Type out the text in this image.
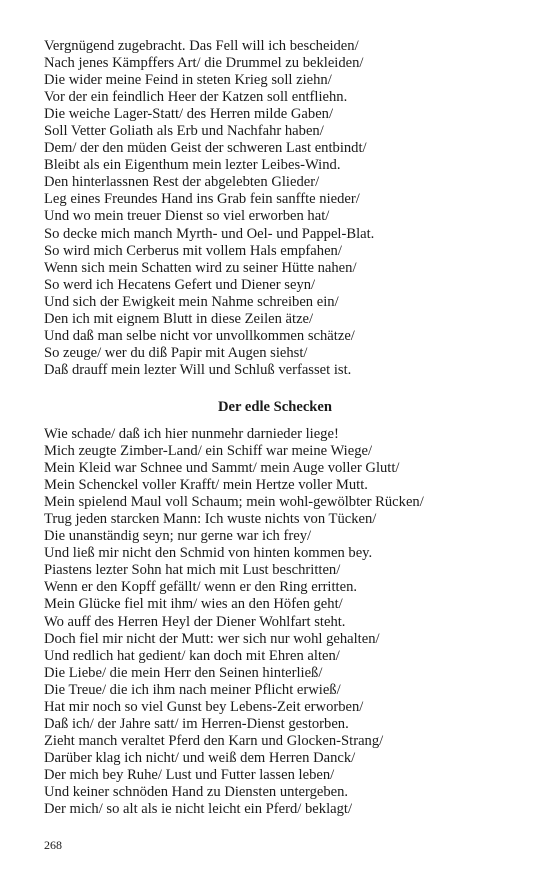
Vergnügend zugebracht. Das Fell will ich bescheiden/
Nach jenes Kämpffers Art/ die Drummel zu bekleiden/
Die wider meine Feind in steten Krieg soll ziehn/
Vor der ein feindlich Heer der Katzen soll entfliehn.
Die weiche Lager-Statt/ des Herren milde Gaben/
Soll Vetter Goliath als Erb und Nachfahr haben/
Dem/ der den müden Geist der schweren Last entbindt/
Bleibt als ein Eigenthum mein lezter Leibes-Wind.
Den hinterlassnen Rest der abgelebten Glieder/
Leg eines Freundes Hand ins Grab fein sanffte nieder/
Und wo mein treuer Dienst so viel erworben hat/
So decke mich manch Myrth- und Oel- und Pappel-Blat.
So wird mich Cerberus mit vollem Hals empfahen/
Wenn sich mein Schatten wird zu seiner Hütte nahen/
So werd ich Hecatens Gefert und Diener seyn/
Und sich der Ewigkeit mein Nahme schreiben ein/
Den ich mit eignem Blutt in diese Zeilen ätze/
Und daß man selbe nicht vor unvollkommen schätze/
So zeuge/ wer du diß Papir mit Augen siehst/
Daß drauff mein lezter Will und Schluß verfasset ist.
Der edle Schecken
Wie schade/ daß ich hier nunmehr darnieder liege!
Mich zeugte Zimber-Land/ ein Schiff war meine Wiege/
Mein Kleid war Schnee und Sammt/ mein Auge voller Glutt/
Mein Schenckel voller Krafft/ mein Hertze voller Mutt.
Mein spielend Maul voll Schaum; mein wohl-gewölbter Rücken/
Trug jeden starcken Mann: Ich wuste nichts von Tücken/
Die unanständig seyn; nur gerne war ich frey/
Und ließ mir nicht den Schmid von hinten kommen bey.
Piastens lezter Sohn hat mich mit Lust beschritten/
Wenn er den Kopff gefällt/ wenn er den Ring erritten.
Mein Glücke fiel mit ihm/ wies an den Höfen geht/
Wo auff des Herren Heyl der Diener Wohlfart steht.
Doch fiel mir nicht der Mutt: wer sich nur wohl gehalten/
Und redlich hat gedient/ kan doch mit Ehren alten/
Die Liebe/ die mein Herr den Seinen hinterließ/
Die Treue/ die ich ihm nach meiner Pflicht erwieß/
Hat mir noch so viel Gunst bey Lebens-Zeit erworben/
Daß ich/ der Jahre satt/ im Herren-Dienst gestorben.
Zieht manch veraltet Pferd den Karn und Glocken-Strang/
Darüber klag ich nicht/ und weiß dem Herren Danck/
Der mich bey Ruhe/ Lust und Futter lassen leben/
Und keiner schnöden Hand zu Diensten untergeben.
Der mich/ so alt als ie nicht leicht ein Pferd/ beklagt/
268
